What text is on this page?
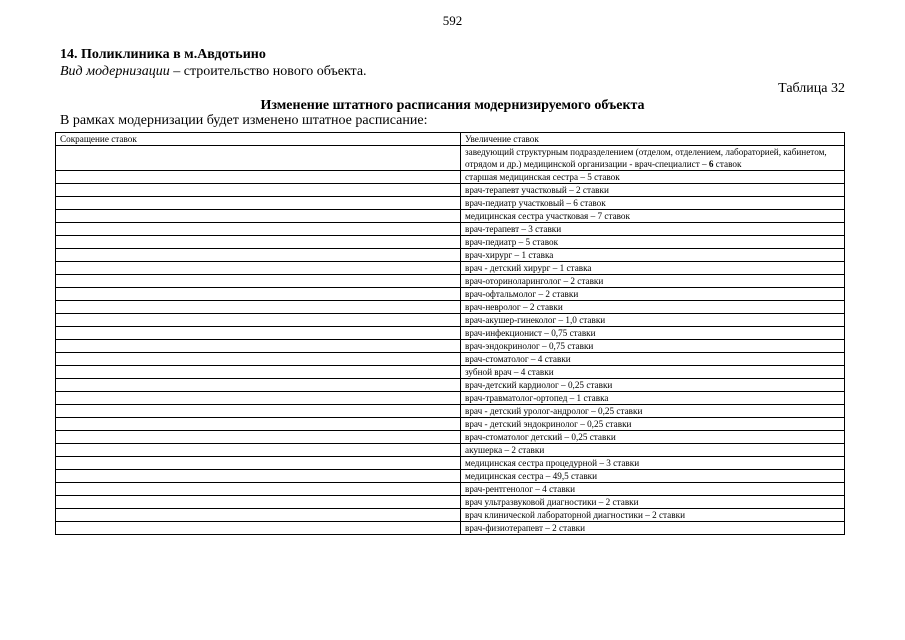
592
14. Поликлиника в м.Авдотьино
Вид модернизации – строительство нового объекта.
Таблица 32
Изменение штатного расписания модернизируемого объекта
В рамках модернизации будет изменено штатное расписание:
Сокращение ставок	Увеличение ставок
	заведующий структурным подразделением (отделом, отделением, лабораторией, кабинетом, отрядом и др.) медицинской организации - врач-специалист – 6 ставок
	старшая медицинская сестра – 5 ставок
	врач-терапевт участковый – 2 ставки
	врач-педиатр участковый – 6 ставок
	медицинская сестра участковая – 7 ставок
	врач-терапевт – 3 ставки
	врач-педиатр – 5 ставок
	врач-хирург – 1 ставка
	врач - детский хирург – 1 ставка
	врач-оториноларинголог – 2 ставки
	врач-офтальмолог – 2 ставки
	врач-невролог – 2 ставки
	врач-акушер-гинеколог – 1,0 ставки
	врач-инфекционист – 0,75 ставки
	врач-эндокринолог – 0,75 ставки
	врач-стоматолог – 4 ставки
	зубной врач – 4 ставки
	врач-детский кардиолог – 0,25 ставки
	врач-травматолог-ортопед – 1 ставка
	врач - детский уролог-андролог – 0,25 ставки
	врач - детский эндокринолог – 0,25 ставки
	врач-стоматолог детский – 0,25 ставки
	акушерка – 2 ставки
	медицинская сестра процедурной – 3 ставки
	медицинская сестра – 49,5 ставки
	врач-рентгенолог – 4 ставки
	врач ультразвуковой диагностики – 2 ставки
	врач клинической лабораторной диагностики – 2 ставки
	врач-физиотерапевт – 2 ставки
